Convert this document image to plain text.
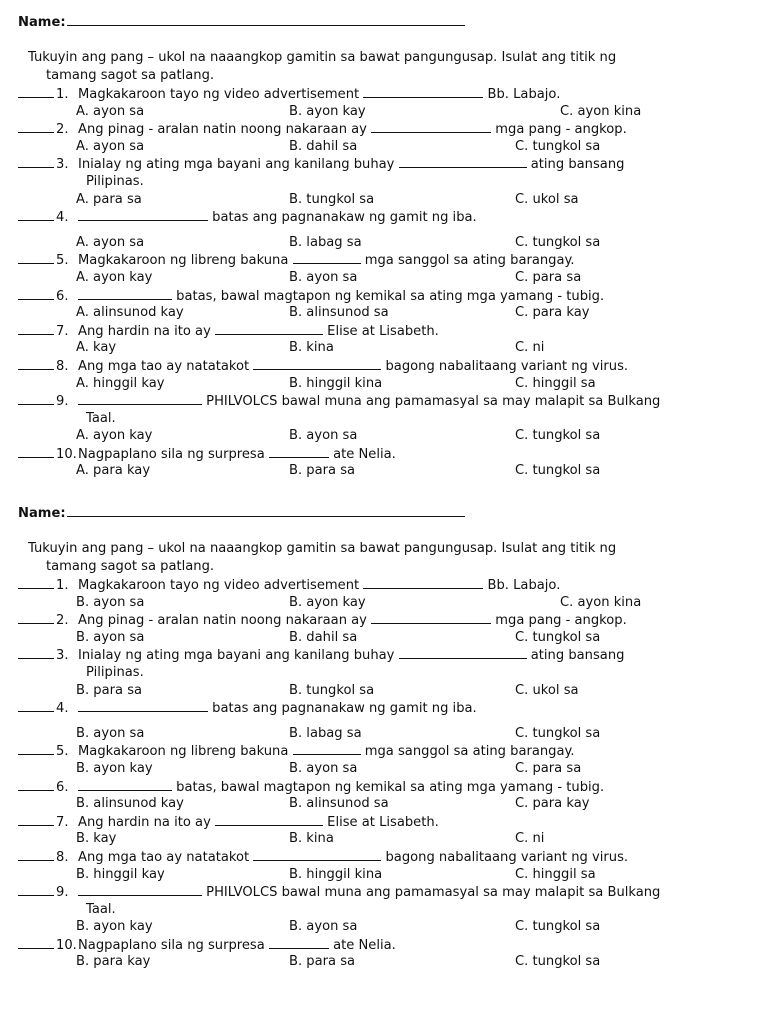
Name:
Tukuyin ang pang – ukol na naaangkop gamitin sa bawat pangungusap. Isulat ang titik ng
tamang sagot sa patlang.
1. Magkakaroon tayo ng video advertisement	Bb. Labajo.
A. ayon sa	B. ayon kay	C. ayon kina
2. Ang pinag - aralan natin noong nakaraan ay	mga pang - angkop.
A. ayon sa	B. dahil sa	C. tungkol sa
3. Inialay ng ating mga bayani ang kanilang buhay	ating bansang
Pilipinas.
A. para sa	B. tungkol sa	C. ukol sa
4.	batas ang pagnanakaw ng gamit ng iba.
A. ayon sa	B. labag sa	C. tungkol sa
5. Magkakaroon ng libreng bakuna	mga sanggol sa ating barangay.
A. ayon kay	B. ayon sa	C. para sa
6.	batas, bawal magtapon ng kemikal sa ating mga yamang - tubig.
A. alinsunod kay	B. alinsunod sa	C. para kay
7. Ang hardin na ito ay	Elise at Lisabeth.
A. kay	B. kina	C. ni
8. Ang mga tao ay natatakot	bagong nabalitaang variant ng virus.
A. hinggil kay	B. hinggil kina	C. hinggil sa
9.	PHILVOLCS bawal muna ang pamamasyal sa may malapit sa Bulkang
Taal.
A. ayon kay	B. ayon sa	C. tungkol sa
10.Nagpaplano sila ng surpresa	ate Nelia.
A. para kay	B. para sa	C. tungkol sa
Name:
Tukuyin ang pang – ukol na naaangkop gamitin sa bawat pangungusap. Isulat ang titik ng
tamang sagot sa patlang.
1. Magkakaroon tayo ng video advertisement	Bb. Labajo.
B. ayon sa	B. ayon kay	C. ayon kina
2. Ang pinag - aralan natin noong nakaraan ay	mga pang - angkop.
B. ayon sa	B. dahil sa	C. tungkol sa
3. Inialay ng ating mga bayani ang kanilang buhay	ating bansang
Pilipinas.
B. para sa	B. tungkol sa	C. ukol sa
4.	batas ang pagnanakaw ng gamit ng iba.
B. ayon sa	B. labag sa	C. tungkol sa
5. Magkakaroon ng libreng bakuna	mga sanggol sa ating barangay.
B. ayon kay	B. ayon sa	C. para sa
6.	batas, bawal magtapon ng kemikal sa ating mga yamang - tubig.
B. alinsunod kay	B. alinsunod sa	C. para kay
7. Ang hardin na ito ay	Elise at Lisabeth.
B. kay	B. kina	C. ni
8. Ang mga tao ay natatakot	bagong nabalitaang variant ng virus.
B. hinggil kay	B. hinggil kina	C. hinggil sa
9.	PHILVOLCS bawal muna ang pamamasyal sa may malapit sa Bulkang
Taal.
B. ayon kay	B. ayon sa	C. tungkol sa
10.Nagpaplano sila ng surpresa	ate Nelia.
B. para kay	B. para sa	C. tungkol sa
